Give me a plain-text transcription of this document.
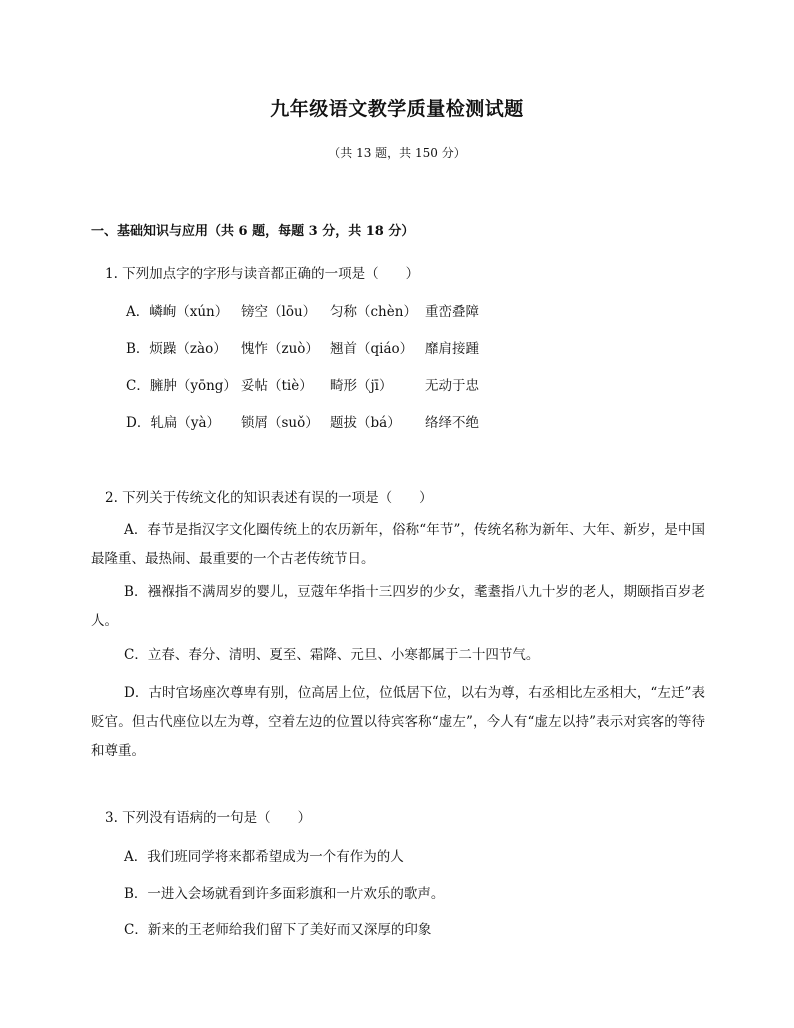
九年级语文教学质量检测试题
（共 13 题，共 150 分）
一、基础知识与应用（共 6 题，每题 3 分，共 18 分）
1. 下列加点字的字形与读音都正确的一项是（　　）
A．嶙峋（xún） 镑空（lōu） 匀称（chèn） 重峦叠障
B．烦躁（zào） 愧怍（zuò） 翘首（qiáo） 靡肩接踵
C．臃肿（yōng） 妥帖（tiè） 畸形（jī） 无动于忠
D．轧扁（yà） 锁屑（suǒ） 题拔（bá） 络绎不绝
2. 下列关于传统文化的知识表述有误的一项是（　　）
A．春节是指汉字文化圈传统上的农历新年，俗称“年节”，传统名称为新年、大年、新岁，是中国最隆重、最热闹、最重要的一个古老传统节日。
B．襁褓指不满周岁的婴儿，豆蔻年华指十三四岁的少女，耄耋指八九十岁的老人，期颐指百岁老人。
C．立春、春分、清明、夏至、霜降、元旦、小寒都属于二十四节气。
D．古时官场座次尊卑有别，位高居上位，位低居下位，以右为尊，右丞相比左丞相大，“左迁”表贬官。但古代座位以左为尊，空着左边的位置以待宾客称“虚左”，今人有“虚左以持”表示对宾客的等待和尊重。
3. 下列没有语病的一句是（　　）
A．我们班同学将来都希望成为一个有作为的人
B．一进入会场就看到许多面彩旗和一片欢乐的歌声。
C．新来的王老师给我们留下了美好而又深厚的印象
